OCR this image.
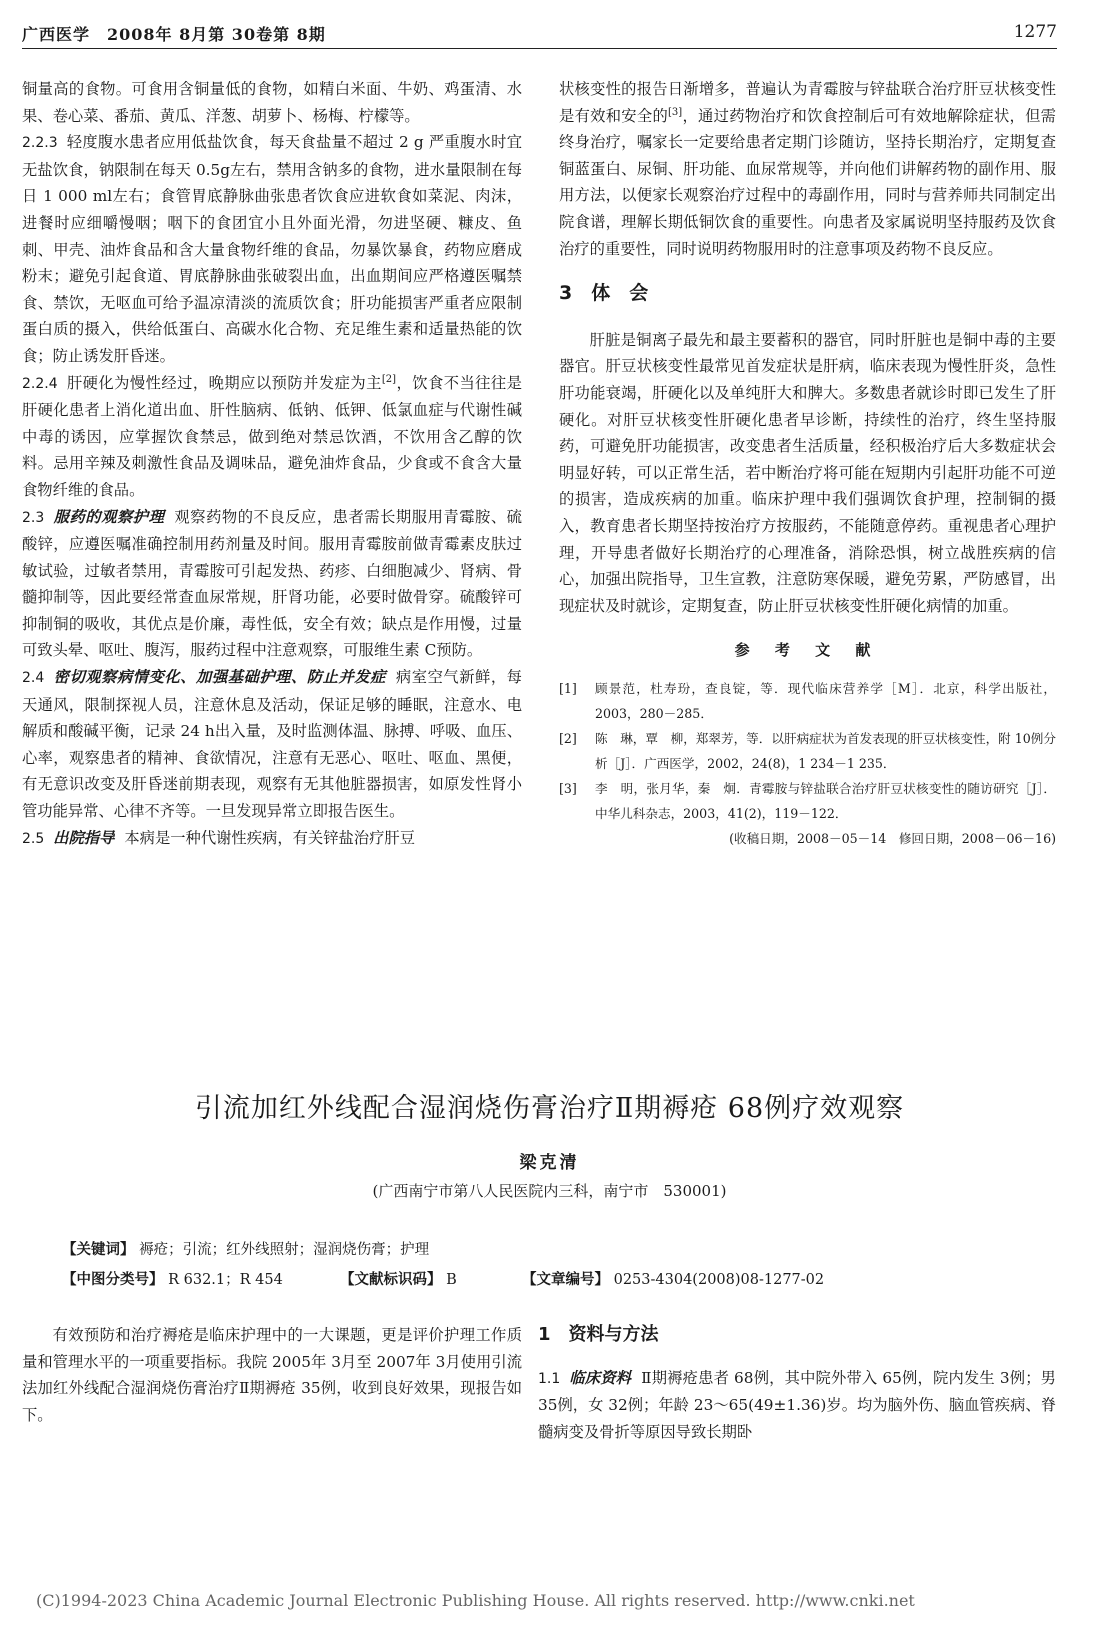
广西医学　2008年 8月第 30卷第 8期	1277

铜量高的食物。可食用含铜量低的食物，如精白米面、牛奶、鸡蛋清、水果、卷心菜、番茄、黄瓜、洋葱、胡萝卜、杨梅、柠檬等。

2.2.3 轻度腹水患者应用低盐饮食，每天食盐量不超过 2 g 严重腹水时宜无盐饮食，钠限制在每天 0.5g左右，禁用含钠多的食物，进水量限制在每日 1 000 ml左右；食管胃底静脉曲张患者饮食应进软食如菜泥、肉沫，进餐时应细嚼慢咽；咽下的食团宜小且外面光滑，勿进坚硬、糠皮、鱼刺、甲壳、油炸食品和含大量食物纤维的食品，勿暴饮暴食，药物应磨成粉末；避免引起食道、胃底静脉曲张破裂出血，出血期间应严格遵医嘱禁食、禁饮，无呕血可给予温凉清淡的流质饮食；肝功能损害严重者应限制蛋白质的摄入，供给低蛋白、高碳水化合物、充足维生素和适量热能的饮食；防止诱发肝昏迷。

2.2.4 肝硬化为慢性经过，晚期应以预防并发症为主[2]，饮食不当往往是肝硬化患者上消化道出血、肝性脑病、低钠、低钾、低氯血症与代谢性碱中毒的诱因，应掌握饮食禁忌，做到绝对禁忌饮酒，不饮用含乙醇的饮料。忌用辛辣及刺激性食品及调味品，避免油炸食品，少食或不食含大量食物纤维的食品。

2.3 服药的观察护理 观察药物的不良反应，患者需长期服用青霉胺、硫酸锌，应遵医嘱准确控制用药剂量及时间。服用青霉胺前做青霉素皮肤过敏试验，过敏者禁用，青霉胺可引起发热、药疹、白细胞减少、肾病、骨髓抑制等，因此要经常查血尿常规，肝肾功能，必要时做骨穿。硫酸锌可抑制铜的吸收，其优点是价廉，毒性低，安全有效；缺点是作用慢，过量可致头晕、呕吐、腹泻，服药过程中注意观察，可服维生素 C预防。

2.4 密切观察病情变化、加强基础护理、防止并发症 病室空气新鲜，每天通风，限制探视人员，注意休息及活动，保证足够的睡眠，注意水、电解质和酸碱平衡，记录 24 h出入量，及时监测体温、脉搏、呼吸、血压、心率，观察患者的精神、食欲情况，注意有无恶心、呕吐、呕血、黑便，有无意识改变及肝昏迷前期表现，观察有无其他脏器损害，如原发性肾小管功能异常、心律不齐等。一旦发现异常立即报告医生。

2.5 出院指导 本病是一种代谢性疾病，有关锌盐治疗肝豆

状核变性的报告日渐增多，普遍认为青霉胺与锌盐联合治疗肝豆状核变性是有效和安全的[3]，通过药物治疗和饮食控制后可有效地解除症状，但需终身治疗，嘱家长一定要给患者定期门诊随访，坚持长期治疗，定期复查铜蓝蛋白、尿铜、肝功能、血尿常规等，并向他们讲解药物的副作用、服用方法，以便家长观察治疗过程中的毒副作用，同时与营养师共同制定出院食谱，理解长期低铜饮食的重要性。向患者及家属说明坚持服药及饮食治疗的重要性，同时说明药物服用时的注意事项及药物不良反应。

3　体　会

肝脏是铜离子最先和最主要蓄积的器官，同时肝脏也是铜中毒的主要器官。肝豆状核变性最常见首发症状是肝病，临床表现为慢性肝炎，急性肝功能衰竭，肝硬化以及单纯肝大和脾大。多数患者就诊时即已发生了肝硬化。对肝豆状核变性肝硬化患者早诊断，持续性的治疗，终生坚持服药，可避免肝功能损害，改变患者生活质量，经积极治疗后大多数症状会明显好转，可以正常生活，若中断治疗将可能在短期内引起肝功能不可逆的损害，造成疾病的加重。临床护理中我们强调饮食护理，控制铜的摄入，教育患者长期坚持按治疗方按服药，不能随意停药。重视患者心理护理，开导患者做好长期治疗的心理准备，消除恐惧，树立战胜疾病的信心，加强出院指导，卫生宣教，注意防寒保暖，避免劳累，严防感冒，出现症状及时就诊，定期复查，防止肝豆状核变性肝硬化病情的加重。

参 考 文 献
[1]	顾景范，杜寿玢，查良锭，等．现代临床营养学［M］．北京，科学出版社，2003，280－285．
[2]	陈　琳，覃　柳，郑翠芳，等．以肝病症状为首发表现的肝豆状核变性，附 10例分析［J］．广西医学，2002，24(8)，1 234－1 235．
[3]	李　明，张月华，秦　炯．青霉胺与锌盐联合治疗肝豆状核变性的随访研究［J］．中华儿科杂志，2003，41(2)，119－122．
(收稿日期，2008－05－14　修回日期，2008－06－16)
引流加红外线配合湿润烧伤膏治疗Ⅱ期褥疮 68例疗效观察
梁克清
(广西南宁市第八人民医院内三科，南宁市　530001)
【关键词】 褥疮；引流；红外线照射；湿润烧伤膏；护理
【中图分类号】 R 632.1；R 454	【文献标识码】 B	【文章编号】 0253-4304(2008)08-1277-02

有效预防和治疗褥疮是临床护理中的一大课题，更是评价护理工作质量和管理水平的一项重要指标。我院 2005年 3月至 2007年 3月使用引流法加红外线配合湿润烧伤膏治疗Ⅱ期褥疮 35例，收到良好效果，现报告如下。

1　资料与方法

1.1 临床资料 Ⅱ期褥疮患者 68例，其中院外带入 65例，院内发生 3例；男 35例，女 32例；年龄 23～65(49±1.36)岁。均为脑外伤、脑血管疾病、脊髓病变及骨折等原因导致长期卧

(C)1994-2023 China Academic Journal Electronic Publishing House. All rights reserved. http://www.cnki.net
